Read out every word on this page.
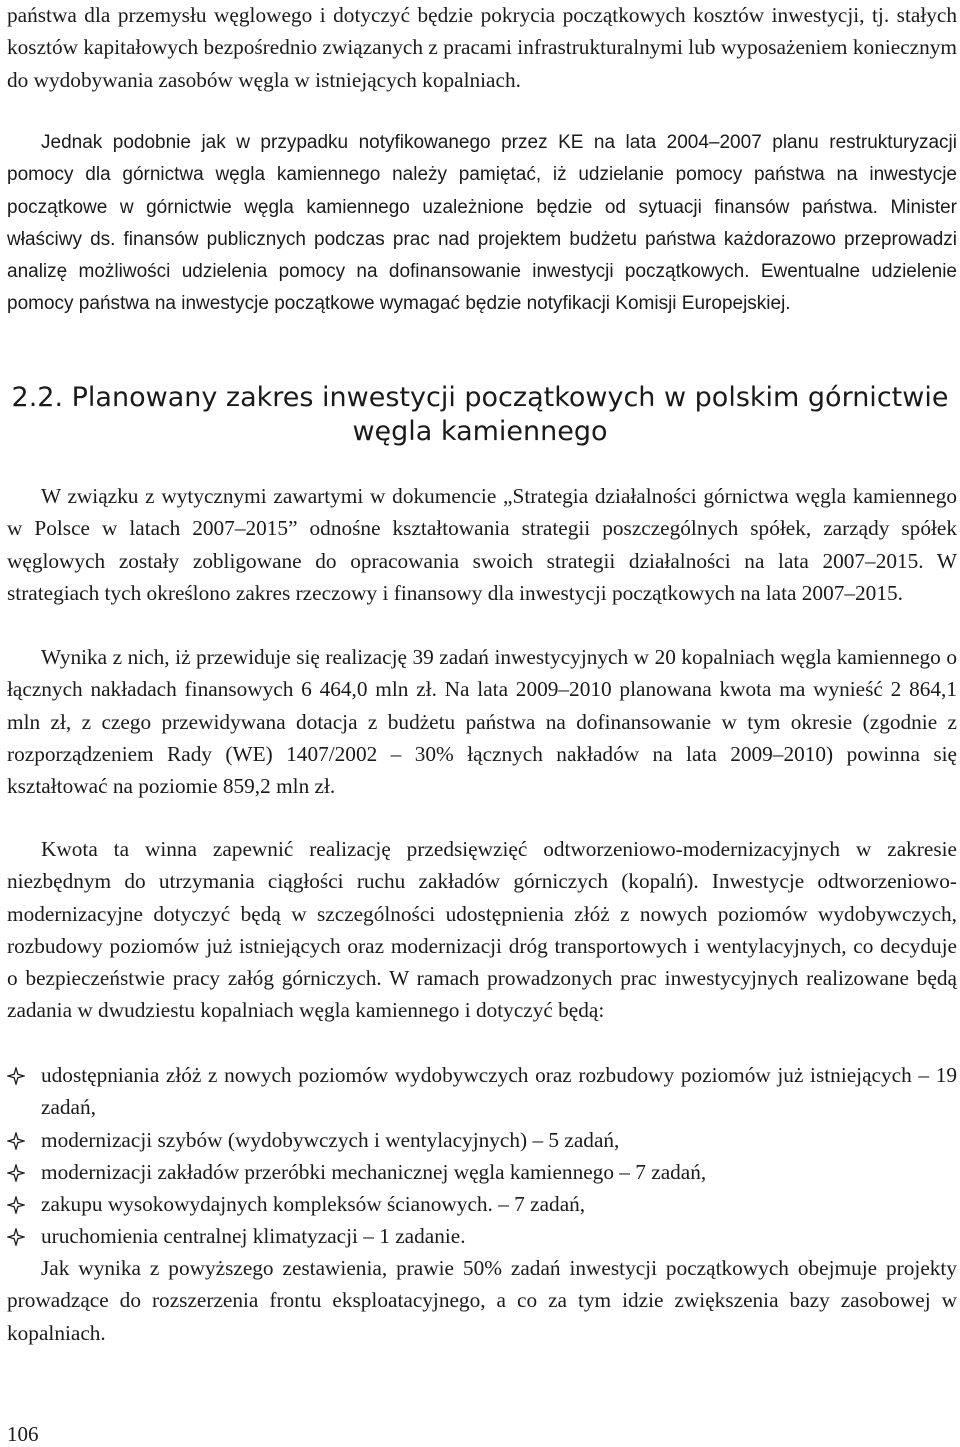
państwa dla przemysłu węglowego i dotyczyć będzie pokrycia początkowych kosztów inwestycji, tj. stałych kosztów kapitałowych bezpośrednio związanych z pracami infrastrukturalnymi lub wyposażeniem koniecznym do wydobywania zasobów węgla w istniejących kopalniach.

Jednak podobnie jak w przypadku notyfikowanego przez KE na lata 2004–2007 planu restrukturyzacji pomocy dla górnictwa węgla kamiennego należy pamiętać, iż udzielanie pomocy państwa na inwestycje początkowe w górnictwie węgla kamiennego uzależnione będzie od sytuacji finansów państwa. Minister właściwy ds. finansów publicznych podczas prac nad projektem budżetu państwa każdorazowo przeprowadzi analizę możliwości udzielenia pomocy na dofinansowanie inwestycji początkowych. Ewentualne udzielenie pomocy państwa na inwestycje początkowe wymagać będzie notyfikacji Komisji Europejskiej.

2.2. Planowany zakres inwestycji początkowych w polskim górnictwie
węgla kamiennego

W związku z wytycznymi zawartymi w dokumencie „Strategia działalności górnictwa węgla kamiennego w Polsce w latach 2007–2015” odnośne kształtowania strategii poszczególnych spółek, zarządy spółek węglowych zostały zobligowane do opracowania swoich strategii działalności na lata 2007–2015. W strategiach tych określono zakres rzeczowy i finansowy dla inwestycji początkowych na lata 2007–2015.

Wynika z nich, iż przewiduje się realizację 39 zadań inwestycyjnych w 20 kopalniach węgla kamiennego o łącznych nakładach finansowych 6 464,0 mln zł. Na lata 2009–2010 planowana kwota ma wynieść 2 864,1 mln zł, z czego przewidywana dotacja z budżetu państwa na dofinansowanie w tym okresie (zgodnie z rozporządzeniem Rady (WE) 1407/2002 – 30% łącznych nakładów na lata 2009–2010) powinna się kształtować na poziomie 859,2 mln zł.

Kwota ta winna zapewnić realizację przedsięwzięć odtworzeniowo-modernizacyjnych w zakresie niezbędnym do utrzymania ciągłości ruchu zakładów górniczych (kopalń). Inwestycje odtworzeniowo-modernizacyjne dotyczyć będą w szczególności udostępnienia złóż z nowych poziomów wydobywczych, rozbudowy poziomów już istniejących oraz modernizacji dróg transportowych i wentylacyjnych, co decyduje o bezpieczeństwie pracy załóg górniczych. W ramach prowadzonych prac inwestycyjnych realizowane będą zadania w dwudziestu kopalniach węgla kamiennego i dotyczyć będą:

udostępniania złóż z nowych poziomów wydobywczych oraz rozbudowy poziomów już istniejących – 19 zadań,
modernizacji szybów (wydobywczych i wentylacyjnych) – 5 zadań,
modernizacji zakładów przeróbki mechanicznej węgla kamiennego – 7 zadań,
zakupu wysokowydajnych kompleksów ścianowych. – 7 zadań,
uruchomienia centralnej klimatyzacji – 1 zadanie.

Jak wynika z powyższego zestawienia, prawie 50% zadań inwestycji początkowych obejmuje projekty prowadzące do rozszerzenia frontu eksploatacyjnego, a co za tym idzie zwiększenia bazy zasobowej w kopalniach.

106
